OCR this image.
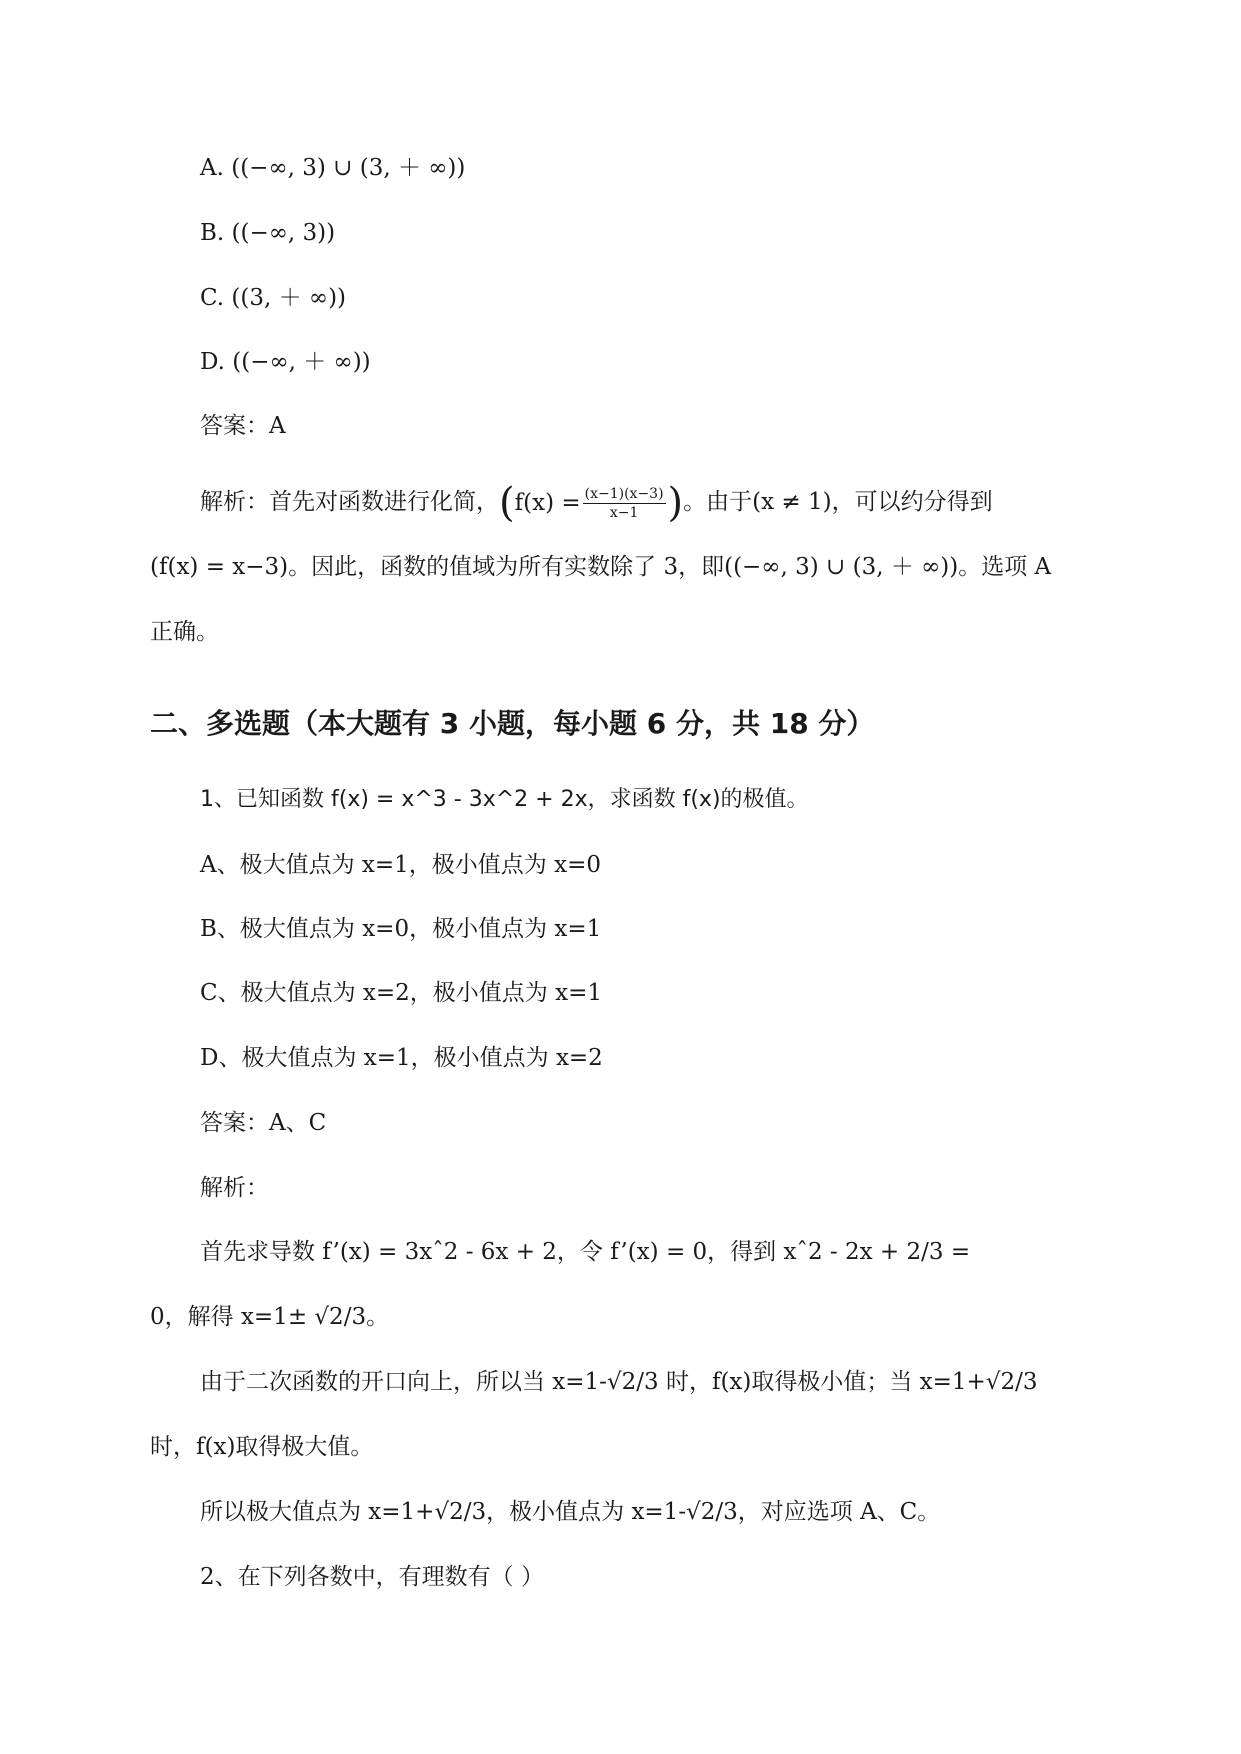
A. ((−∞, 3) ∪ (3, ＋ ∞))
B. ((−∞, 3))
C. ((3, ＋ ∞))
D. ((−∞, ＋ ∞))
答案：A
解析：首先对函数进行化简， ( $f(x) = \frac{(x-1)(x-3)}{x-1}$ ) 。由于(x ≠ 1)，可以约分得到
(f(x) = x−3)。因此，函数的值域为所有实数除了 3，即((−∞, 3) ∪ (3, ＋ ∞))。选项 A
正确。
二、多选题（本大题有 3 小题，每小题 6 分，共 18 分）
1、已知函数 f(x) = x^3 - 3x^2 + 2x，求函数 f(x)的极值。
A、极大值点为 x=1，极小值点为 x=0
B、极大值点为 x=0，极小值点为 x=1
C、极大值点为 x=2，极小值点为 x=1
D、极大值点为 x=1，极小值点为 x=2
答案：A、C
解析：
首先求导数 f’(x) = 3xˆ2 - 6x + 2，令 f’(x) = 0，得到 xˆ2 - 2x + 2/3 =
0，解得 x=1± √2/3。
由于二次函数的开口向上，所以当 x=1-√2/3 时，f(x)取得极小值；当 x=1+√2/3
时，f(x)取得极大值。
所以极大值点为 x=1+√2/3，极小值点为 x=1-√2/3，对应选项 A、C。
2、在下列各数中，有理数有（ ）
